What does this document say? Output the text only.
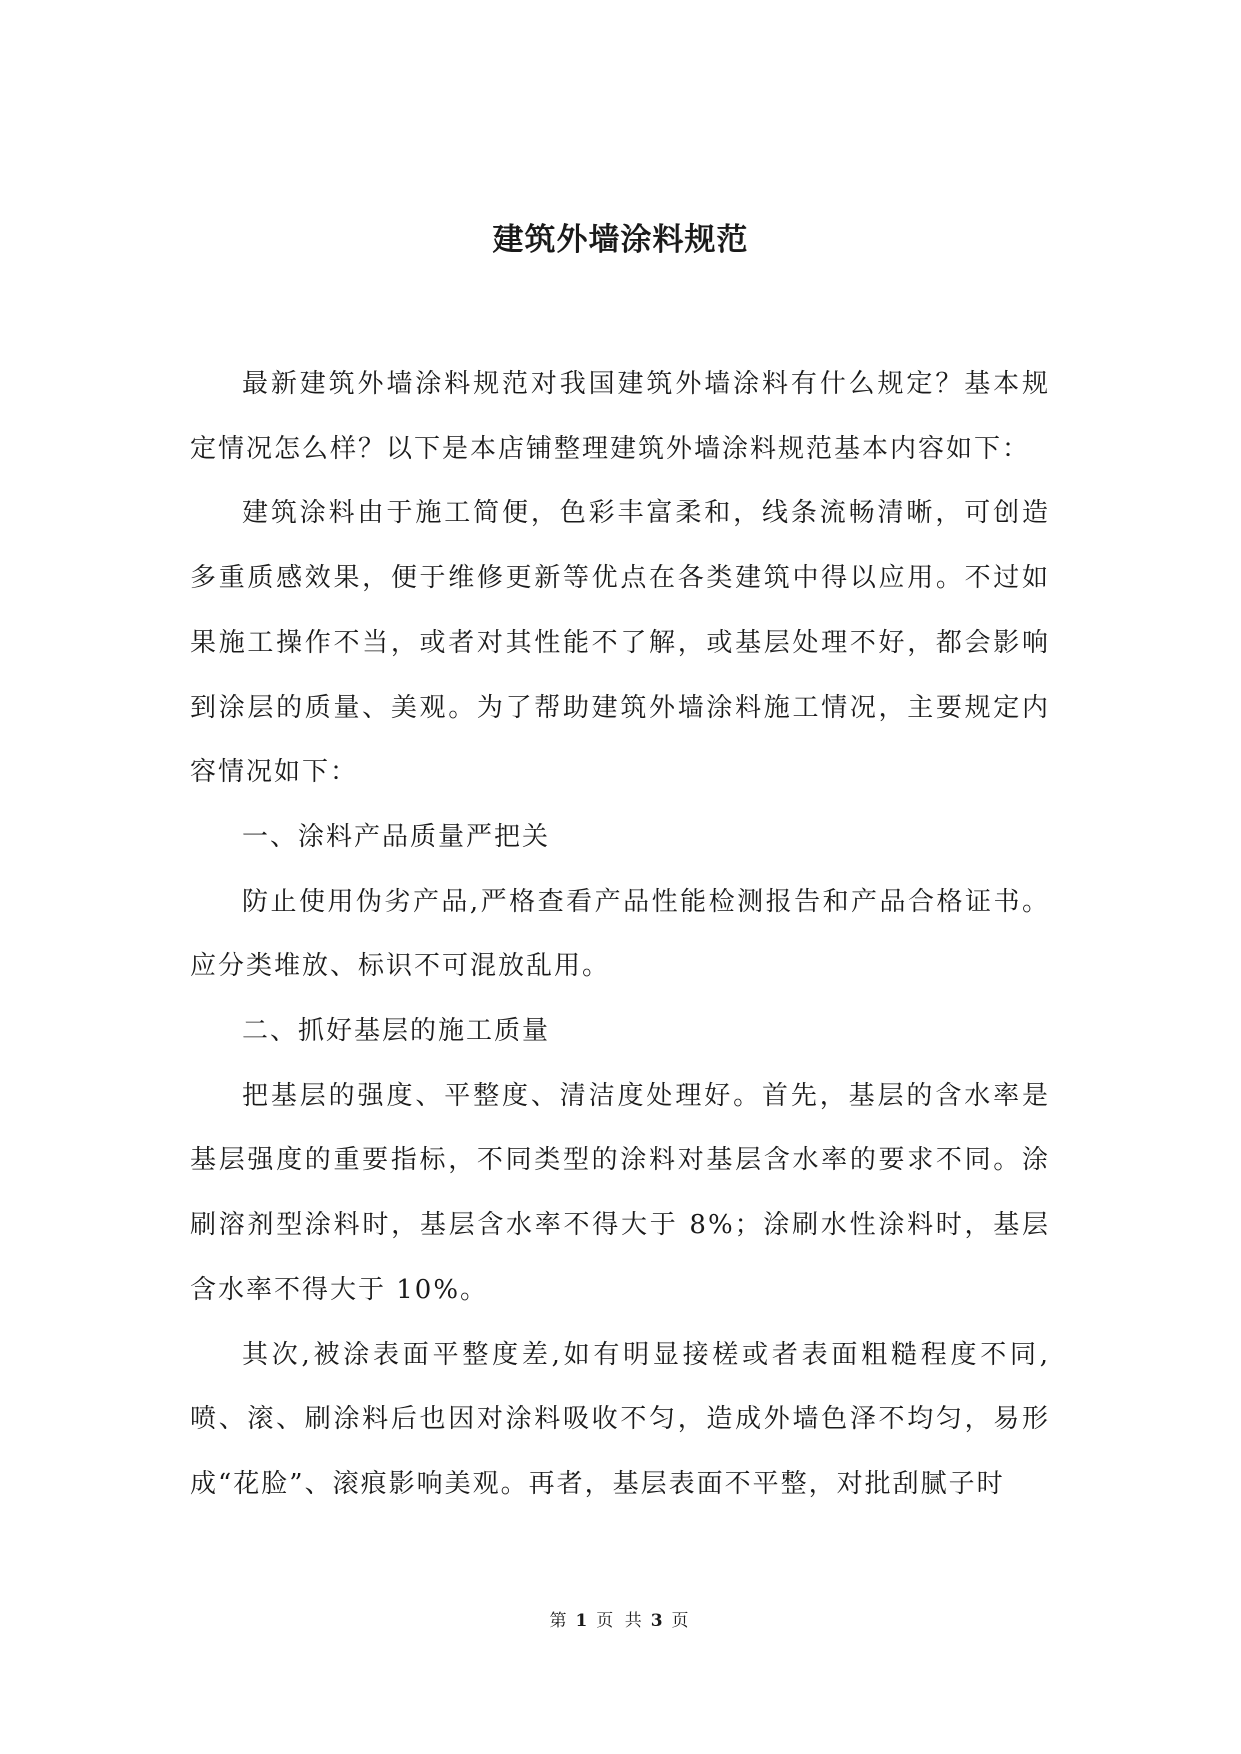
建筑外墙涂料规范

最新建筑外墙涂料规范对我国建筑外墙涂料有什么规定？基本规定情况怎么样？以下是本店铺整理建筑外墙涂料规范基本内容如下：

建筑涂料由于施工简便，色彩丰富柔和，线条流畅清晰，可创造多重质感效果，便于维修更新等优点在各类建筑中得以应用。不过如果施工操作不当，或者对其性能不了解，或基层处理不好，都会影响到涂层的质量、美观。为了帮助建筑外墙涂料施工情况，主要规定内容情况如下：

一、涂料产品质量严把关

防止使用伪劣产品,严格查看产品性能检测报告和产品合格证书。应分类堆放、标识不可混放乱用。

二、抓好基层的施工质量

把基层的强度、平整度、清洁度处理好。首先，基层的含水率是基层强度的重要指标，不同类型的涂料对基层含水率的要求不同。涂刷溶剂型涂料时，基层含水率不得大于 8%；涂刷水性涂料时，基层含水率不得大于 10%。

其次,被涂表面平整度差,如有明显接槎或者表面粗糙程度不同,喷、滚、刷涂料后也因对涂料吸收不匀，造成外墙色泽不均匀，易形成“花脸”、滚痕影响美观。再者，基层表面不平整，对批刮腻子时

第 1 页 共 3 页
